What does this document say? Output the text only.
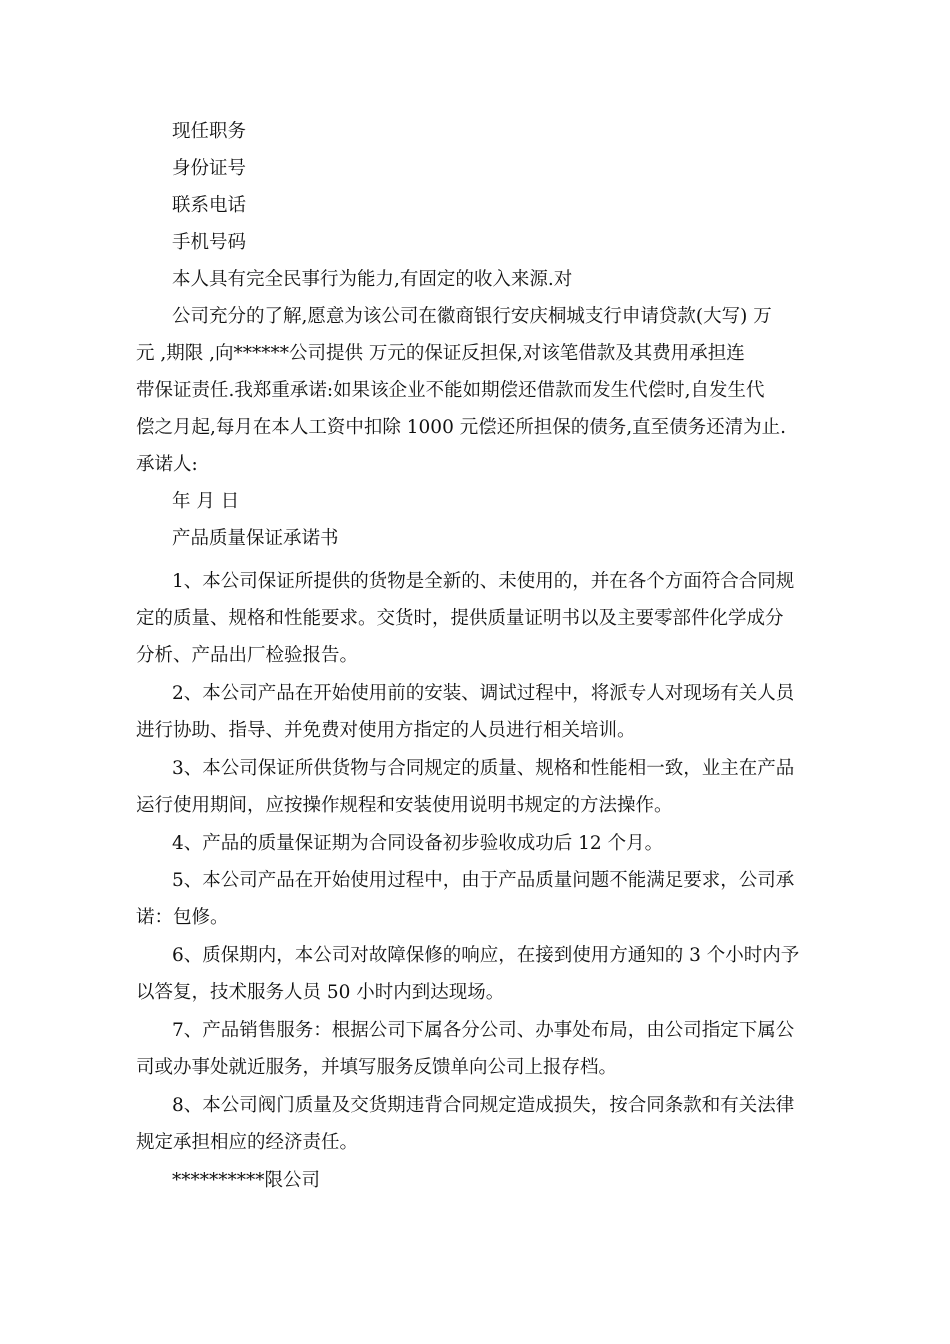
现任职务
身份证号
联系电话
手机号码
本人具有完全民事行为能力,有固定的收入来源.对
公司充分的了解,愿意为该公司在徽商银行安庆桐城支行申请贷款(大写) 万
元 ,期限 ,向******公司提供 万元的保证反担保,对该笔借款及其费用承担连
带保证责任.我郑重承诺:如果该企业不能如期偿还借款而发生代偿时,自发生代
偿之月起,每月在本人工资中扣除 1000 元偿还所担保的债务,直至债务还清为止.
承诺人:
年 月 日
产品质量保证承诺书
1、本公司保证所提供的货物是全新的、未使用的，并在各个方面符合合同规
定的质量、规格和性能要求。交货时，提供质量证明书以及主要零部件化学成分
分析、产品出厂检验报告。
2、本公司产品在开始使用前的安装、调试过程中，将派专人对现场有关人员
进行协助、指导、并免费对使用方指定的人员进行相关培训。
3、本公司保证所供货物与合同规定的质量、规格和性能相一致，业主在产品
运行使用期间，应按操作规程和安装使用说明书规定的方法操作。
4、产品的质量保证期为合同设备初步验收成功后 12 个月。
5、本公司产品在开始使用过程中，由于产品质量问题不能满足要求，公司承
诺：包修。
6、质保期内，本公司对故障保修的响应，在接到使用方通知的 3 个小时内予
以答复，技术服务人员 50 小时内到达现场。
7、产品销售服务：根据公司下属各分公司、办事处布局，由公司指定下属公
司或办事处就近服务，并填写服务反馈单向公司上报存档。
8、本公司阀门质量及交货期违背合同规定造成损失，按合同条款和有关法律
规定承担相应的经济责任。
**********限公司
